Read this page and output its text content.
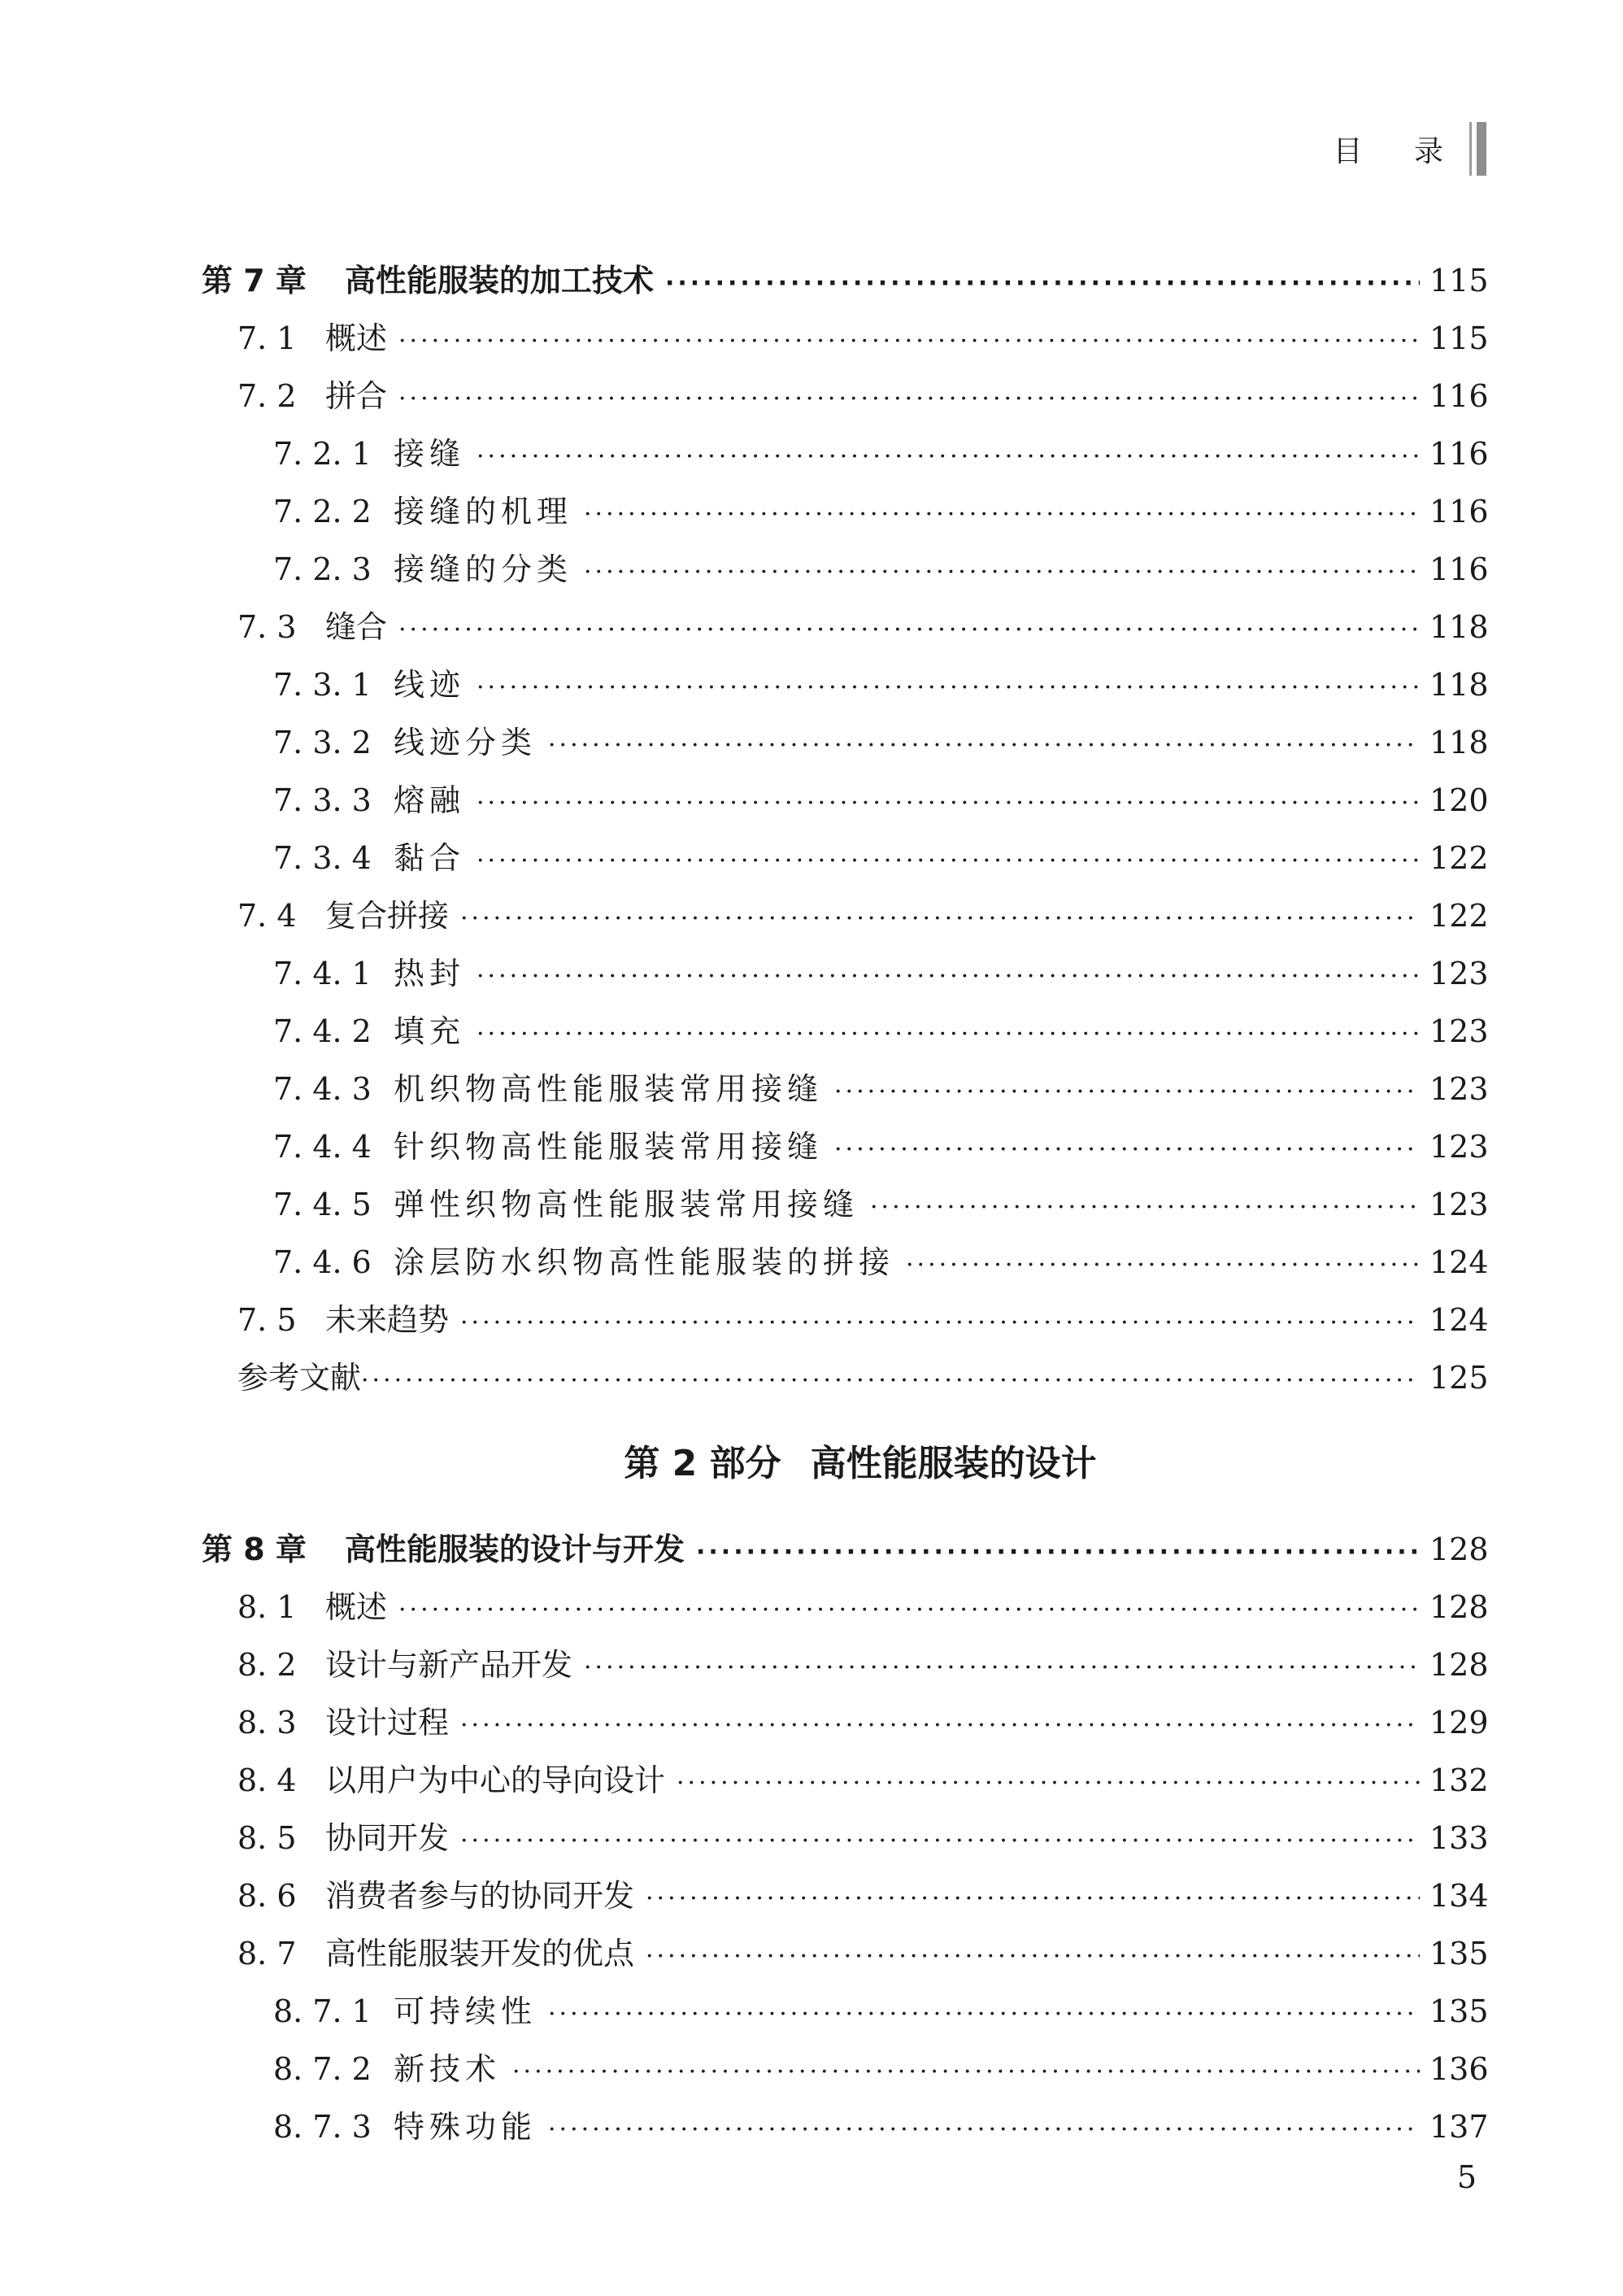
目 录
第 7 章	高性能服装的加工技术 ·····	115
7. 1 概述 ·····	115
7. 2 拼合 ·····	116
7. 2. 1 接缝 ·····	116
7. 2. 2 接缝的机理 ·····	116
7. 2. 3 接缝的分类 ·····	116
7. 3 缝合 ·····	118
7. 3. 1 线迹 ·····	118
7. 3. 2 线迹分类 ·····	118
7. 3. 3 熔融 ·····	120
7. 3. 4 黏合 ·····	122
7. 4 复合拼接 ·····	122
7. 4. 1 热封 ·····	123
7. 4. 2 填充 ·····	123
7. 4. 3 机织物高性能服装常用接缝 ·····	123
7. 4. 4 针织物高性能服装常用接缝 ·····	123
7. 4. 5 弹性织物高性能服装常用接缝 ·····	123
7. 4. 6 涂层防水织物高性能服装的拼接 ·····	124
7. 5 未来趋势 ·····	124
参考文献 ·····	125
第 2 部分 高性能服装的设计
第 8 章	高性能服装的设计与开发 ·····	128
8. 1 概述 ·····	128
8. 2 设计与新产品开发 ·····	128
8. 3 设计过程 ·····	129
8. 4 以用户为中心的导向设计 ·····	132
8. 5 协同开发 ·····	133
8. 6 消费者参与的协同开发 ·····	134
8. 7 高性能服装开发的优点 ·····	135
8. 7. 1 可持续性 ·····	135
8. 7. 2 新技术 ·····	136
8. 7. 3 特殊功能 ·····	137
5
